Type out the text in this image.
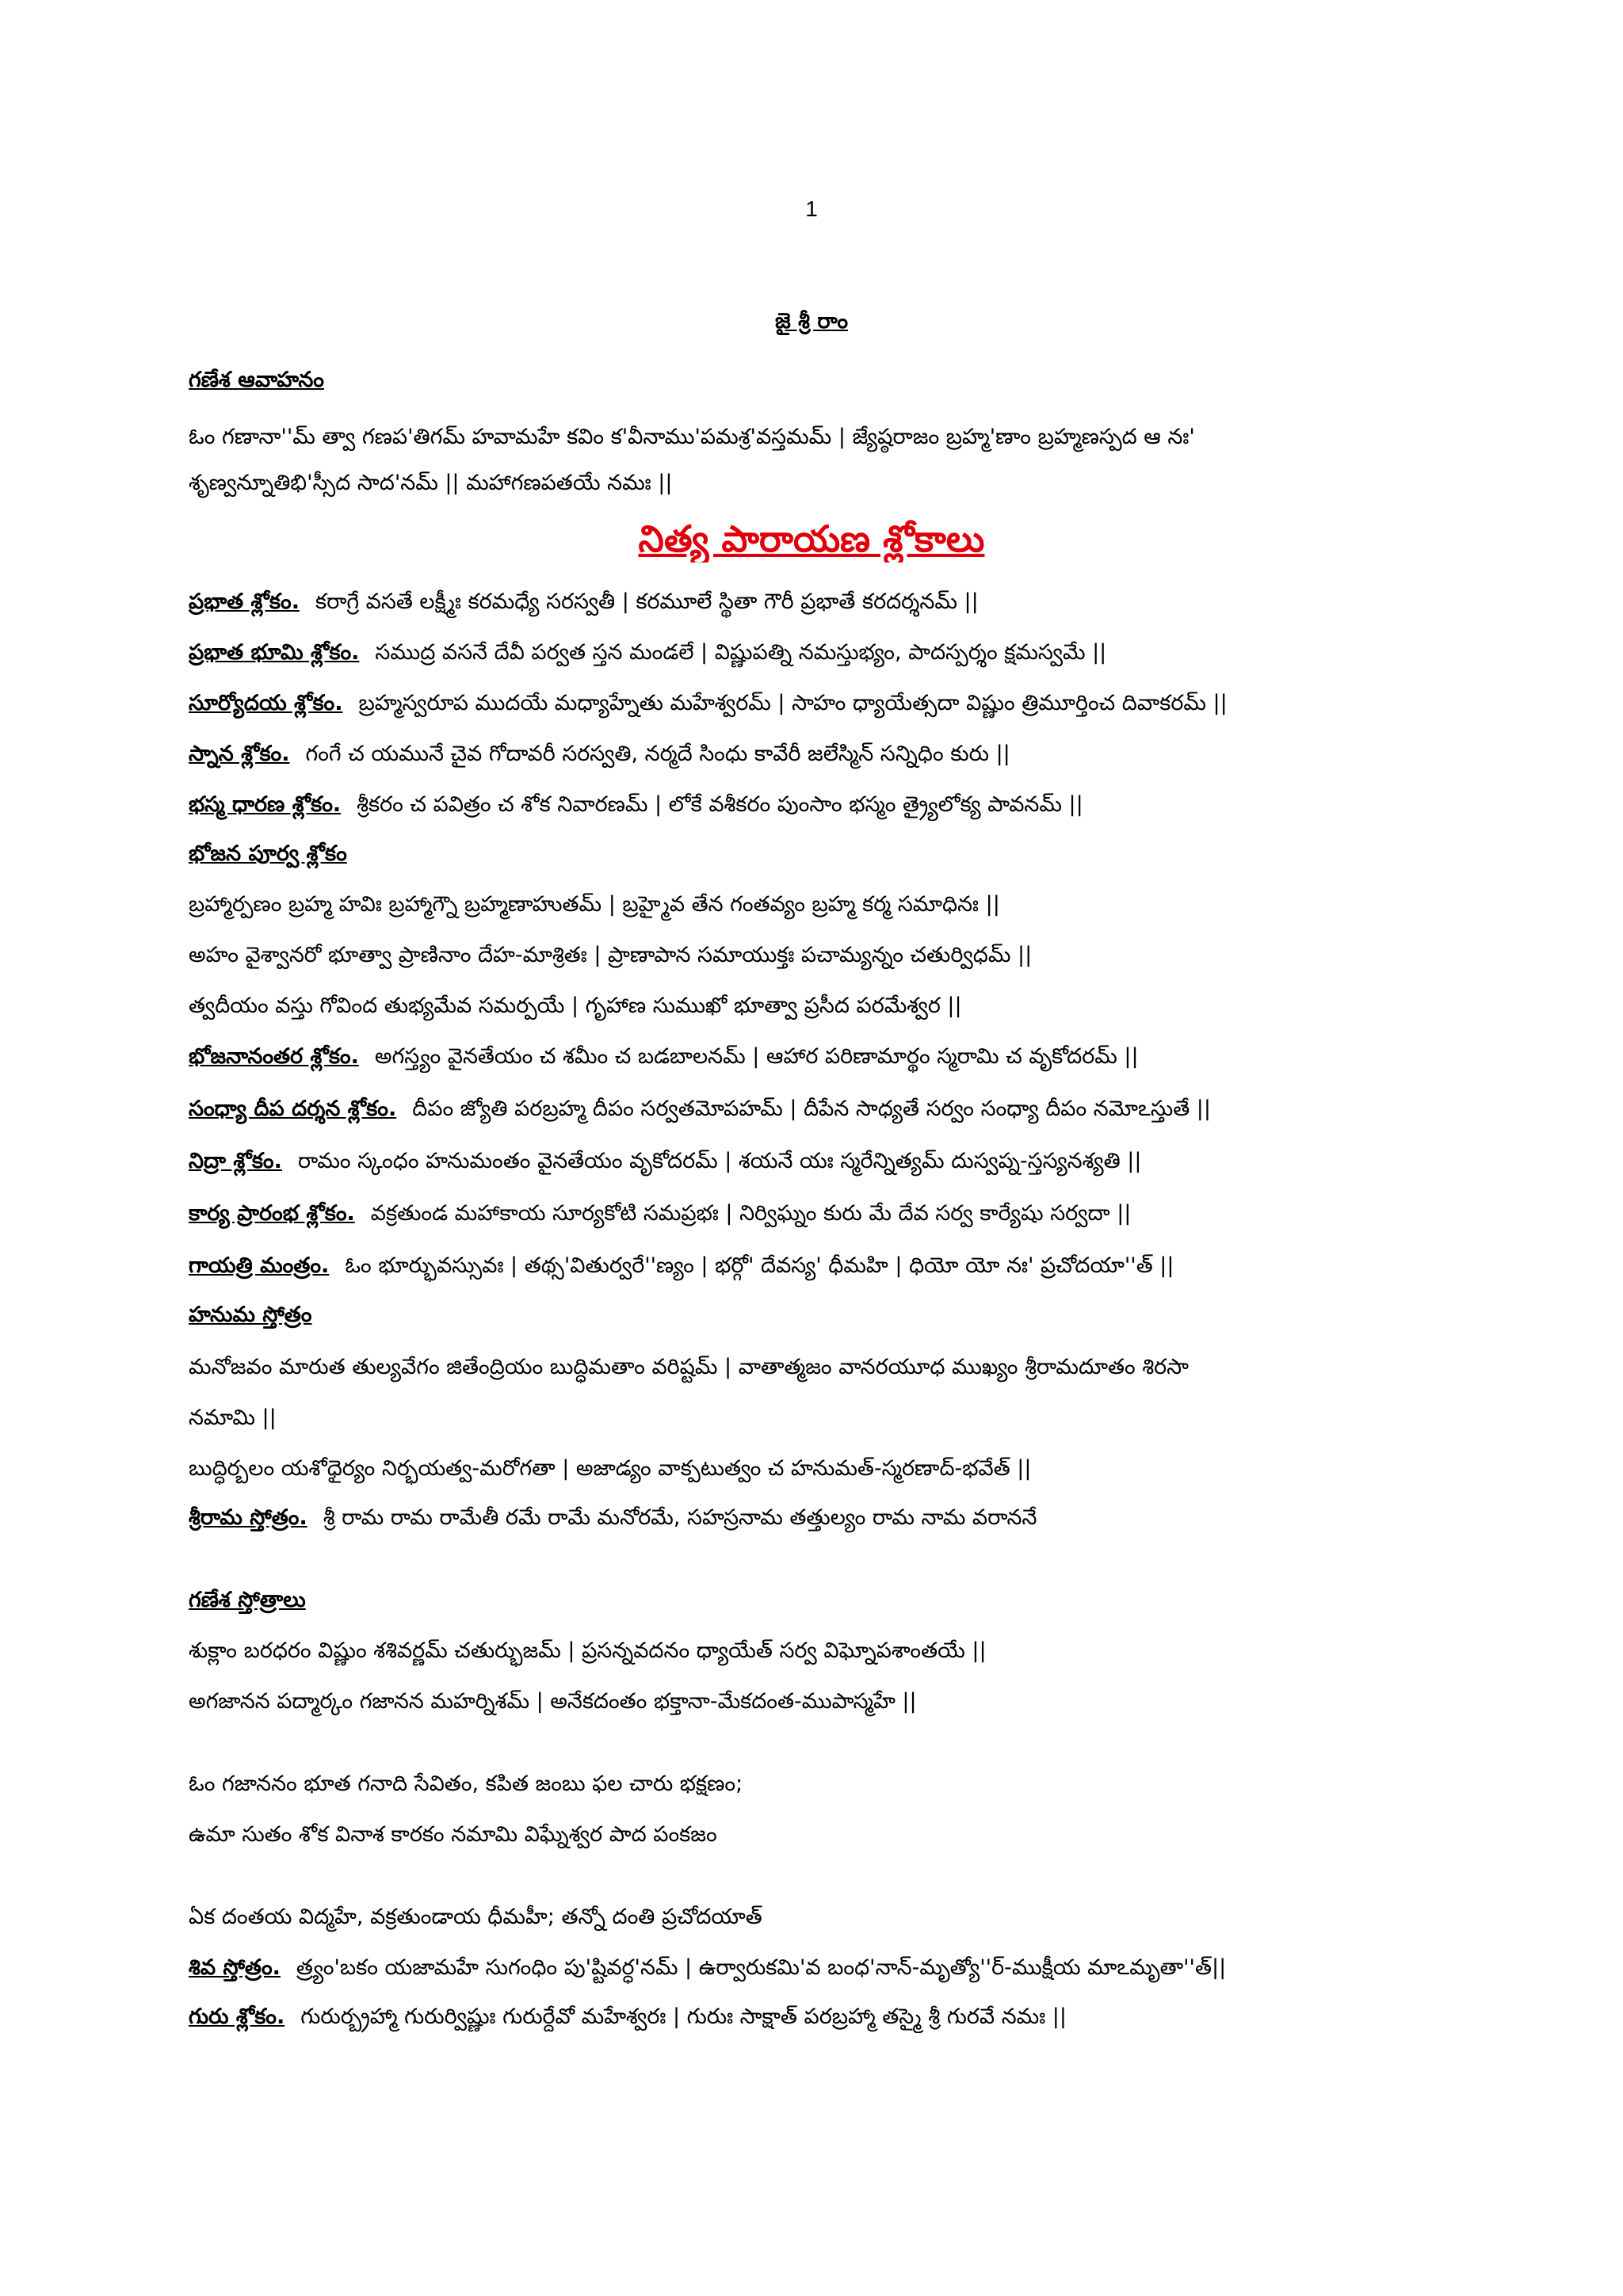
1
జై శ్రీ రాం
గణేశ ఆవాహనం
ఓం గణానా''మ్ త్వా గణప'తిగమ్ హవామహే కవిం క'వీనాము'పమశ్ర'వస్తమమ్ | జ్యేష్ఠరాజం బ్రహ్మ'ణాం బ్రహ్మణస్పద ఆ నః'
శృణ్వన్నూతిభి'స్సీద సాద'నమ్ || మహాగణపతయే నమః ||
నిత్య పారాయణ శ్లోకాలు
ప్రభాత శ్లోకం. కరాగ్రే వసతే లక్ష్మీః కరమధ్యే సరస్వతీ | కరమూలే స్థితా గౌరీ ప్రభాతే కరదర్శనమ్ ||
ప్రభాత భూమి శ్లోకం. సముద్ర వసనే దేవీ పర్వత స్తన మండలే | విష్ణుపత్ని నమస్తుభ్యం, పాదస్పర్శం క్షమస్వమే ||
సూర్యోదయ శ్లోకం. బ్రహ్మస్వరూప ముదయే మధ్యాహ్నేతు మహేశ్వరమ్ | సాహం ధ్యాయేత్సదా విష్ణుం త్రిమూర్తించ దివాకరమ్ ||
స్నాన శ్లోకం. గంగే చ యమునే చైవ గోదావరీ సరస్వతి, నర్మదే సింధు కావేరీ జలేస్మిన్ సన్నిధిం కురు ||
భస్మ ధారణ శ్లోకం. శ్రీకరం చ పవిత్రం చ శోక నివారణమ్ | లోకే వశీకరం పుంసాం భస్మం త్ర్యైలోక్య పావనమ్ ||
భోజన పూర్వ శ్లోకం
బ్రహ్మార్పణం బ్రహ్మ హవిః బ్రహ్మాగ్నౌ బ్రహ్మణాహుతమ్ | బ్రహ్మైవ తేన గంతవ్యం బ్రహ్మ కర్మ సమాధినః ||
అహం వైశ్వానరో భూత్వా ప్రాణినాం దేహ-మాశ్రితః | ప్రాణాపాన సమాయుక్తః పచామ్యన్నం చతుర్విధమ్ ||
త్వదీయం వస్తు గోవింద తుభ్యమేవ సమర్పయే | గృహాణ సుముఖో భూత్వా ప్రసీద పరమేశ్వర ||
భోజనానంతర శ్లోకం. అగస్త్యం వైనతేయం చ శమీం చ బడబాలనమ్ | ఆహార పరిణామార్థం స్మరామి చ వృకోదరమ్ ||
సంధ్యా దీప దర్శన శ్లోకం. దీపం జ్యోతి పరబ్రహ్మ దీపం సర్వతమోపహమ్ | దీపేన సాధ్యతే సర్వం సంధ్యా దీపం నమోఽస్తుతే ||
నిద్రా శ్లోకం. రామం స్కంధం హనుమంతం వైనతేయం వృకోదరమ్ | శయనే యః స్మరేన్నిత్యమ్ దుస్వప్న-స్తస్యనశ్యతి ||
కార్య ప్రారంభ శ్లోకం. వక్రతుండ మహాకాయ సూర్యకోటి సమప్రభః | నిర్విఘ్నం కురు మే దేవ సర్వ కార్యేషు సర్వదా ||
గాయత్రి మంత్రం. ఓం భూర్భువస్సువః | తథ్స'వితుర్వరే''ణ్యం | భర్గో' దేవస్య' ధీమహి | ధియో యో నః' ప్రచోదయా''త్ ||
హనుమ స్తోత్రం
మనోజవం మారుత తుల్యవేగం జితేంద్రియం బుద్ధిమతాం వరిష్టమ్ | వాతాత్మజం వానరయూధ ముఖ్యం శ్రీరామదూతం శిరసా
నమామి ||
బుద్ధిర్బలం యశోధైర్యం నిర్భయత్వ-మరోగతా | అజాడ్యం వాక్పటుత్వం చ హనుమత్-స్మరణాద్-భవేత్ ||
శ్రీరామ స్తోత్రం. శ్రీ రామ రామ రామేతీ రమే రామే మనోరమే, సహస్రనామ తత్తుల్యం రామ నామ వరాననే
గణేశ స్తోత్రాలు
శుక్లాం బరధరం విష్ణుం శశివర్ణమ్ చతుర్భుజమ్ | ప్రసన్నవదనం ధ్యాయేత్ సర్వ విఘ్నోపశాంతయే ||
అగజానన పద్మార్కం గజానన మహర్నిశమ్ | అనేకదంతం భక్తానా-మేకదంత-ముపాస్మహే ||
ఓం గజాననం భూత గనాది సేవితం, కపిత జంబు ఫల చారు భక్షణం;
ఉమా సుతం శోక వినాశ కారకం నమామి విఘ్నేశ్వర పాద పంకజం
ఏక దంతయ విద్మహే, వక్రతుండాయ ధీమహీ; తన్నో దంతి ప్రచోదయాత్
శివ స్తోత్రం. త్ర్యం'బకం యజామహే సుగంధిం పు'ష్టివర్ధ'నమ్ | ఉర్వారుకమి'వ బంధ'నాన్-మృత్యో''ర్-ముక్షీయ మాఽమృతా''త్||
గురు శ్లోకం. గురుర్బ్రహ్మా గురుర్విష్ణుః గురుర్దేవో మహేశ్వరః | గురుః సాక్షాత్ పరబ్రహ్మా తస్మై శ్రీ గురవే నమః ||
